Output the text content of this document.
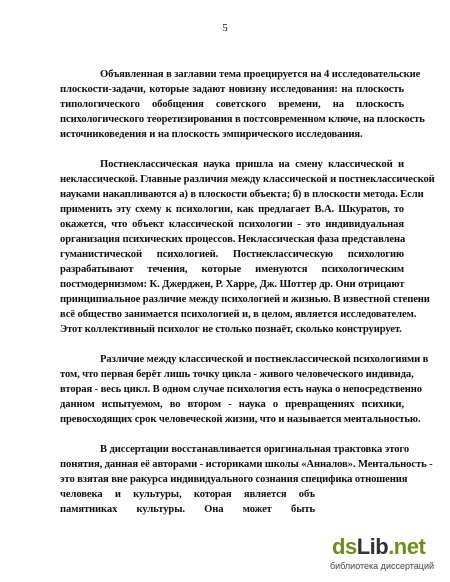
5
Объявленная в заглавии тема проецируется на 4 исследовательские
плоскости-задачи, которые задают новизну исследования: на плоскость
типологического обобщения советского времени, на плоскость
психологического теоретизирования в постсовременном ключе, на плоскость
источниковедения и на плоскость эмпирического исследования.
Постнеклассическая наука пришла на смену классической и
неклассической. Главные различия между классической и постнеклассической
науками накапливаются а) в плоскости объекта; б) в плоскости метода. Если
применить эту схему к психологии, как предлагает В.А. Шкуратов, то
окажется, что объект классической психологии - это индивидуальная
организация психических процессов. Неклассическая фаза представлена
гуманистической психологией. Постнеклассическую психологию
разрабатывают течения, которые именуются психологическим
постмодернизмом: К. Джерджен, Р. Харре, Дж. Шоттер др. Они отрицают
принципиальное различие между психологией и жизнью. В известной степени
всё общество занимается психологией и, в целом, является исследователем.
Этот коллективный психолог не столько познаёт, сколько конструирует.
Различие между классической и постнеклассической психологиями в
том, что первая берёт лишь точку цикла - живого человеческого индивида,
вторая - весь цикл. В одном случае психология есть наука о непосредственно
данном испытуемом, во втором - наука о превращениях психики,
превосходящих срок человеческой жизни, что и называется ментальностью.
В диссертации восстанавливается оригинальная трактовка этого
понятия, данная её авторами - историками школы «Анналов». Ментальность -
это взятая вне ракурса индивидуального сознания специфика отношения
человека и культуры, которая является объ
памятниках культуры. Она может быть
dsLib.net
библиотека диссертаций
